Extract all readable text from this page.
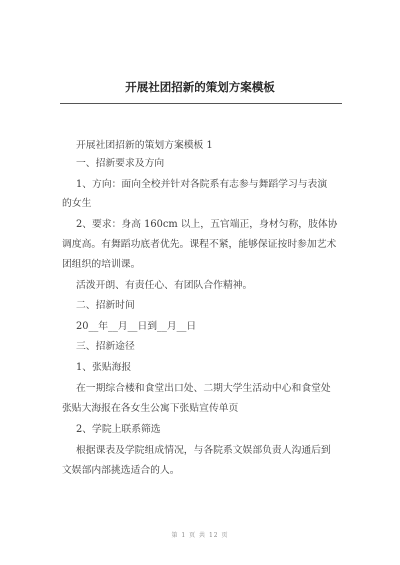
开展社团招新的策划方案模板
开展社团招新的策划方案模板 1
一、招新要求及方向
1、方向：面向全校并针对各院系有志参与舞蹈学习与表演
的女生
2、要求：身高 160cm 以上，五官端正，身材匀称，肢体协
调度高。有舞蹈功底者优先。课程不紧，能够保证按时参加艺术
团组织的培训课。
活泼开朗、有责任心、有团队合作精神。
二、招新时间
20__年__月__日到__月__日
三、招新途径
1、张贴海报
在一期综合楼和食堂出口处、二期大学生活动中心和食堂处
张贴大海报在各女生公寓下张贴宣传单页
2、学院上联系筛选
根据课表及学院组成情况，与各院系文娱部负责人沟通后到
文娱部内部挑选适合的人。
第 1 页 共 12 页
